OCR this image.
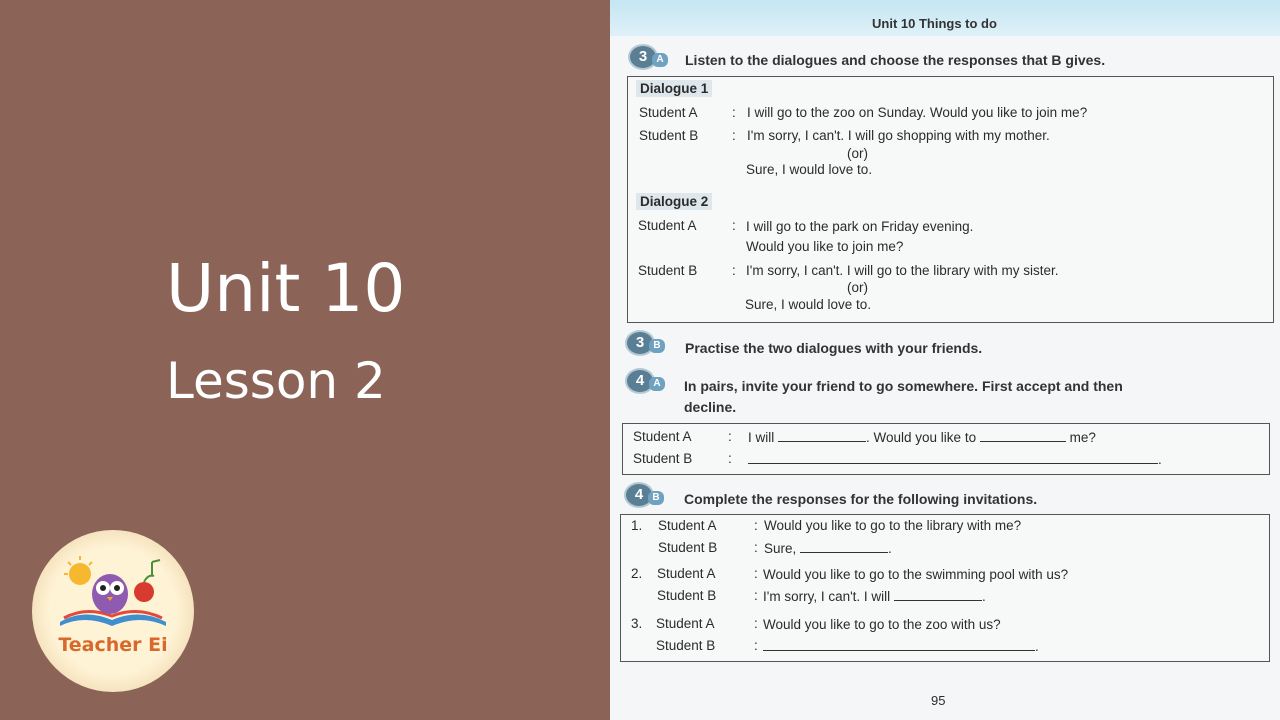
Unit 10
Lesson 2
Teacher Ei
Unit 10 Things to do
3 A	Listen to the dialogues and choose the responses that B gives.
Dialogue 1
Student A	: I will go to the zoo on Sunday. Would you like to join me?
Student B : I'm sorry, I can't. I will go shopping with my mother.
(or)
Sure, I would love to.
Dialogue 2
Student A	: I will go to the park on Friday evening.
Would you like to join me?
Student B	: I'm sorry, I can't. I will go to the library with my sister.
(or)
Sure, I would love to.
3 B	Practise the two dialogues with your friends.
4 A	In pairs, invite your friend to go somewhere. First accept and then
decline.
Student A	: I will	. Would you like to	me?
Student B	:	.
4 B	Complete the responses for the following invitations.
1. Student A	: Would you like to go to the library with me?
Student B	: Sure,	.
2. Student A	: Would you like to go to the swimming pool with us?
Student B	: I'm sorry, I can't. I will	.
3. Student A	: Would you like to go to the zoo with us?
Student B	:	.
95
